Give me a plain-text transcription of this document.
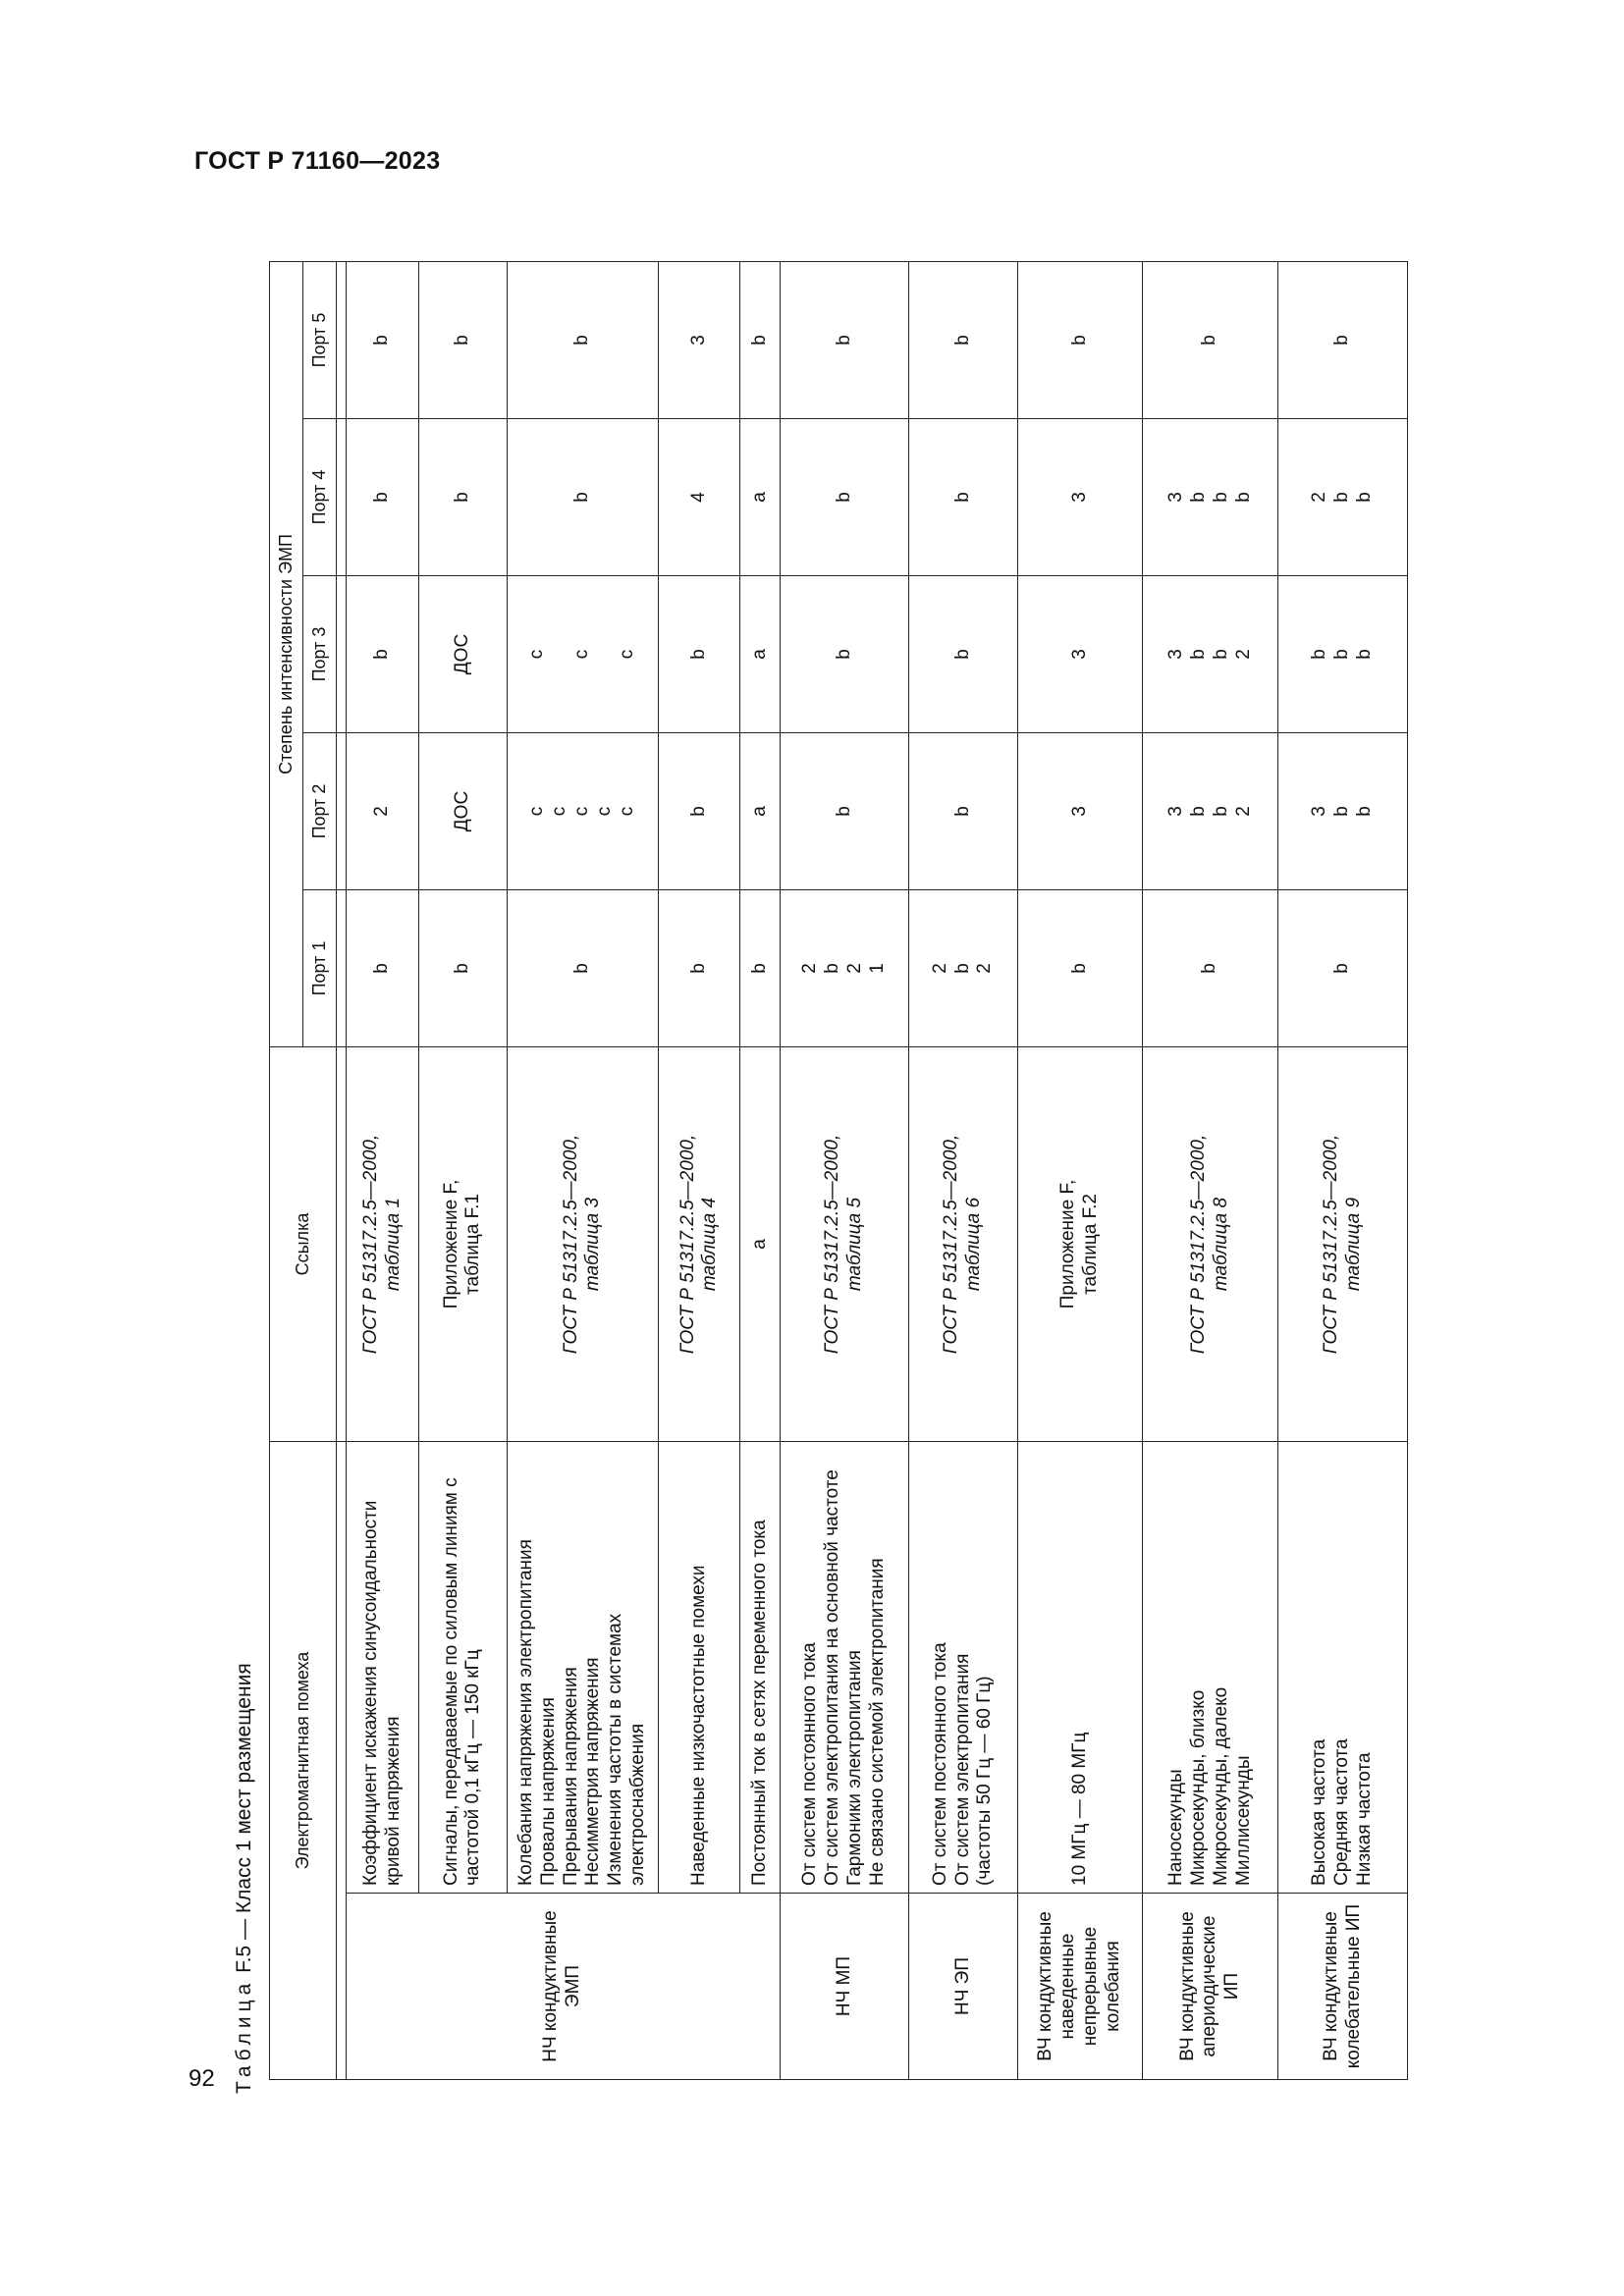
ГОСТ Р 71160—2023
92 Таблица F.5 — Класс 1 мест размещения	Электромагнитная помеха		Ссылка	Степень интенсивности ЭМП				
			Порт 1	Порт 2	Порт 3	Порт 4	Порт 5

НЧ кондуктивные ЭМП	Коэффициент искажения синусоидальности кривой напряжения	ГОСТ Р 51317.2.5—2000, таблица 1	b	2	b	b	b
	Сигналы, передаваемые по силовым линиям с частотой 0,1 кГц — 150 кГц	Приложение F, таблица F.1	b	ДОС	ДОС	b	b

	Колебания напряжения электропитания Провалы напряжения Прерывания напряжения Несимметрия напряжения Изменения частоты в системах электроснабжения	ГОСТ Р 51317.2.5—2000, таблица 3	b	c c c c c	c c c	b	b
	Наведенные низкочастотные помехи	ГОСТ Р 51317.2.5—2000, таблица 4	b	b	b	4	3
	Постоянный ток в сетях переменного тока	a	b	a	a	a	b
НЧ МП	От систем постоянного тока От систем электропитания на основной частоте Гармоники электропитания Не связано системой электропитания	ГОСТ Р 51317.2.5—2000, таблица 5	2 b 2 1	b	b	b	b
НЧ ЭП	От систем постоянного тока От систем электропитания (частоты 50 Гц — 60 Гц)	ГОСТ Р 51317.2.5—2000, таблица 6	2 b 2	b	b	b	b
ВЧ кондуктивные наведенные непрерывные колебания	10 МГц — 80 МГц	Приложение F, таблица F.2	b	3	3	3	b
ВЧ кондуктивные апериодические ИП	Наносекунды Микросекунды, близко Микросекунды, далеко Миллисекунды	ГОСТ Р 51317.2.5—2000, таблица 8	b	3 b b 2	3 b b 2	3 b b b	b
ВЧ кондуктивные колебательные ИП	Высокая частота Средняя частота Низкая частота	ГОСТ Р 51317.2.5—2000, таблица 9	b	3 b b	b b b	2 b b	b
